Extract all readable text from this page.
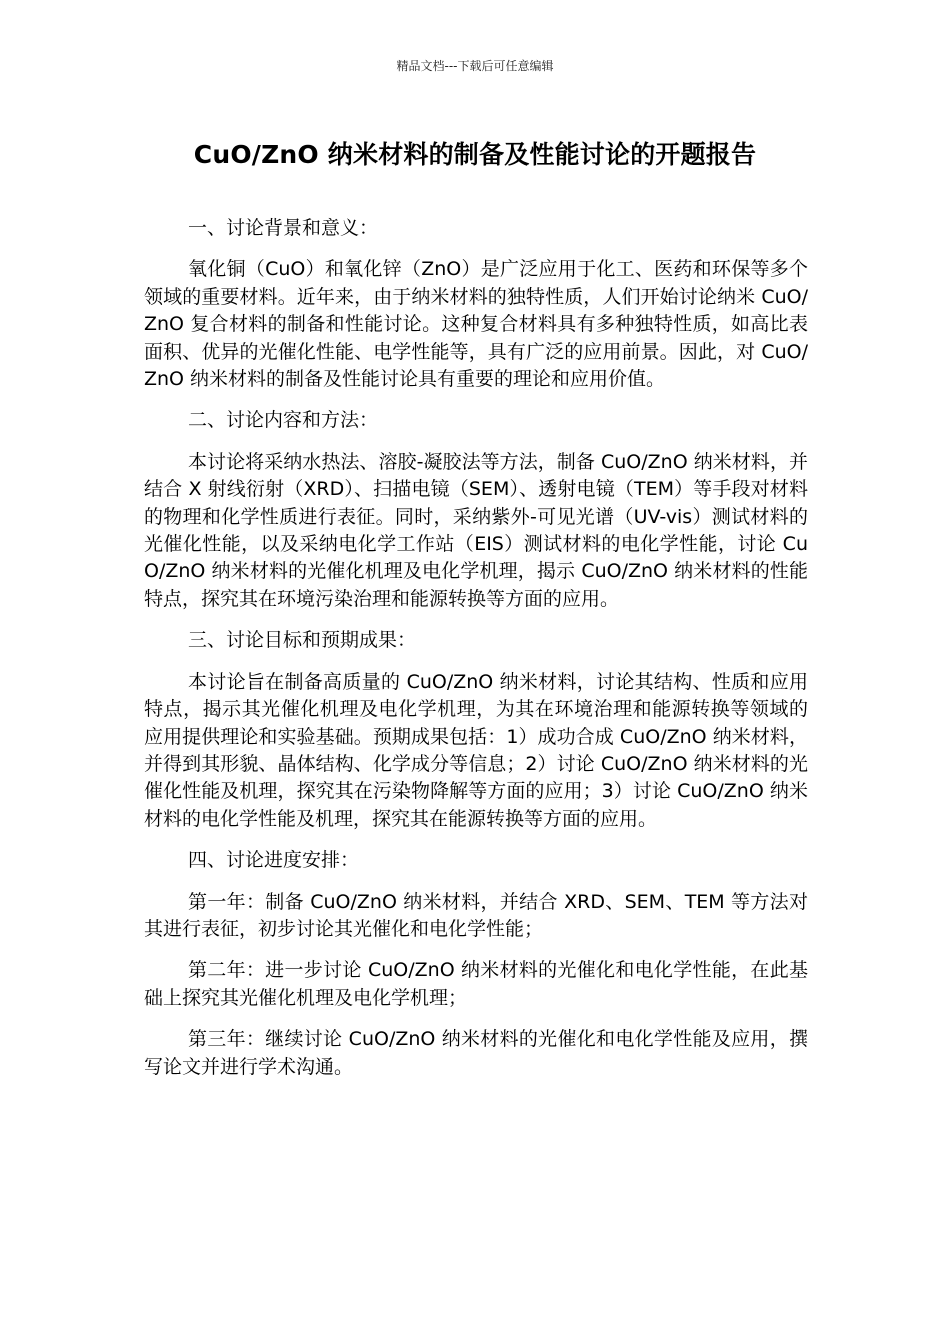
精品文档---下载后可任意编辑
CuO/ZnO 纳米材料的制备及性能讨论的开题报告

一、讨论背景和意义：

氧化铜（CuO）和氧化锌（ZnO）是广泛应用于化工、医药和环保等多个领域的重要材料。近年来，由于纳米材料的独特性质，人们开始讨论纳米 CuO/ZnO 复合材料的制备和性能讨论。这种复合材料具有多种独特性质，如高比表面积、优异的光催化性能、电学性能等，具有广泛的应用前景。因此，对 CuO/ZnO 纳米材料的制备及性能讨论具有重要的理论和应用价值。

二、讨论内容和方法：

本讨论将采纳水热法、溶胶-凝胶法等方法，制备 CuO/ZnO 纳米材料，并结合 X 射线衍射（XRD）、扫描电镜（SEM）、透射电镜（TEM）等手段对材料的物理和化学性质进行表征。同时，采纳紫外-可见光谱（UV-vis）测试材料的光催化性能，以及采纳电化学工作站（EIS）测试材料的电化学性能，讨论 CuO/ZnO 纳米材料的光催化机理及电化学机理，揭示 CuO/ZnO 纳米材料的性能特点，探究其在环境污染治理和能源转换等方面的应用。

三、讨论目标和预期成果：

本讨论旨在制备高质量的 CuO/ZnO 纳米材料，讨论其结构、性质和应用特点，揭示其光催化机理及电化学机理，为其在环境治理和能源转换等领域的应用提供理论和实验基础。预期成果包括：1）成功合成 CuO/ZnO 纳米材料，并得到其形貌、晶体结构、化学成分等信息；2）讨论 CuO/ZnO 纳米材料的光催化性能及机理，探究其在污染物降解等方面的应用；3）讨论 CuO/ZnO 纳米材料的电化学性能及机理，探究其在能源转换等方面的应用。

四、讨论进度安排：

第一年：制备 CuO/ZnO 纳米材料，并结合 XRD、SEM、TEM 等方法对其进行表征，初步讨论其光催化和电化学性能；

第二年：进一步讨论 CuO/ZnO 纳米材料的光催化和电化学性能，在此基础上探究其光催化机理及电化学机理；

第三年：继续讨论 CuO/ZnO 纳米材料的光催化和电化学性能及应用，撰写论文并进行学术沟通。
